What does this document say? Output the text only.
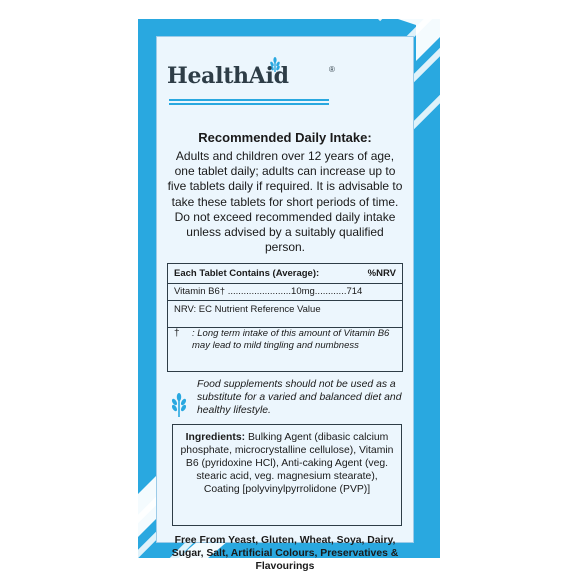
HealthAid	®
Recommended Daily Intake:
Adults and children over 12 years of age, one tablet daily; adults can increase up to five tablets daily if required. It is advisable to take these tablets for short periods of time. Do not exceed recommended daily intake unless advised by a suitably qualified person.
Each Tablet Contains (Average):	%NRV
Vitamin B6† ........................10mg............714
NRV: EC Nutrient Reference Value
† : Long term intake of this amount of Vitamin B6 may lead to mild tingling and numbness
Food supplements should not be used as a substitute for a varied and balanced diet and healthy lifestyle.
Ingredients: Bulking Agent (dibasic calcium phosphate, microcrystalline cellulose), Vitamin B6 (pyridoxine HCl), Anti-caking Agent (veg. stearic acid, veg. magnesium stearate), Coating [polyvinylpyrrolidone (PVP)]
Free From Yeast, Gluten, Wheat, Soya, Dairy, Sugar, Salt, Artificial Colours, Preservatives & Flavourings
